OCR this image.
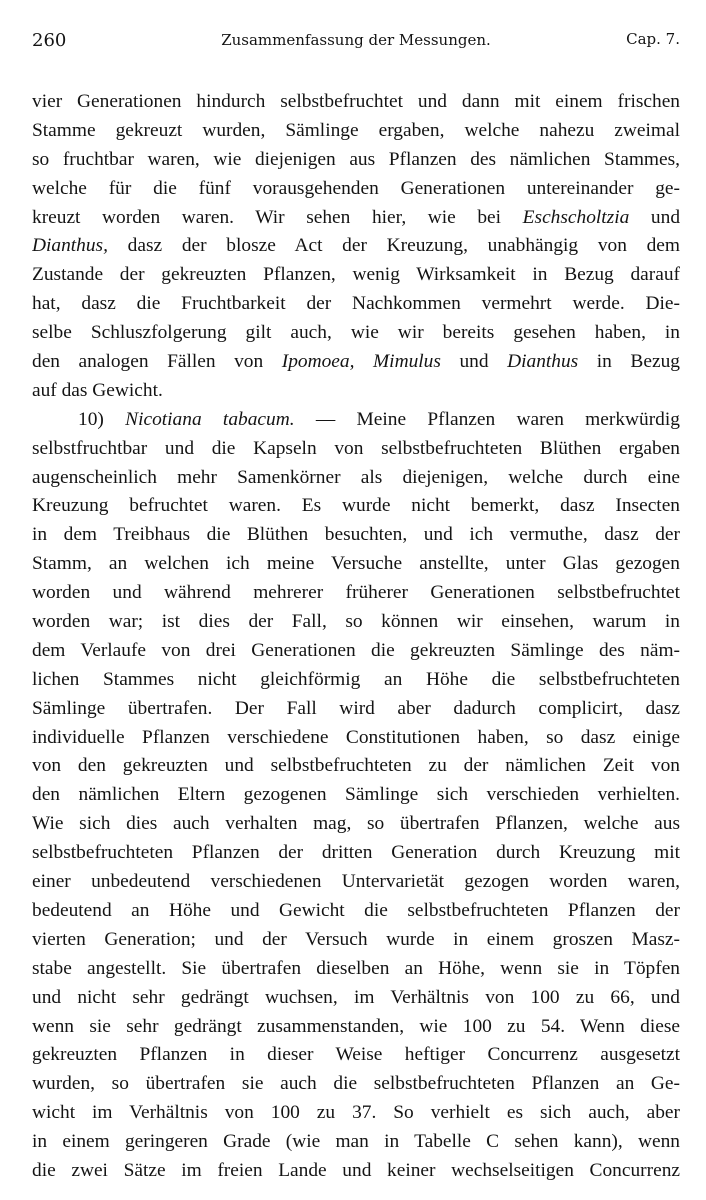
260	Zusammenfassung der Messungen.	Cap. 7.
vier Generationen hindurch selbstbefruchtet und dann mit einem frischen
Stamme gekreuzt wurden, Sämlinge ergaben, welche nahezu zweimal
so fruchtbar waren, wie diejenigen aus Pflanzen des nämlichen Stammes,
welche für die fünf vorausgehenden Generationen untereinander ge-
kreuzt worden waren. Wir sehen hier, wie bei Eschscholtzia und
Dianthus, dasz der blosze Act der Kreuzung, unabhängig von dem
Zustande der gekreuzten Pflanzen, wenig Wirksamkeit in Bezug darauf
hat, dasz die Fruchtbarkeit der Nachkommen vermehrt werde. Die-
selbe Schluszfolgerung gilt auch, wie wir bereits gesehen haben, in
den analogen Fällen von Ipomoea, Mimulus und Dianthus in Bezug
auf das Gewicht.
10) Nicotiana tabacum. — Meine Pflanzen waren merkwürdig
selbstfruchtbar und die Kapseln von selbstbefruchteten Blüthen ergaben
augenscheinlich mehr Samenkörner als diejenigen, welche durch eine
Kreuzung befruchtet waren. Es wurde nicht bemerkt, dasz Insecten
in dem Treibhaus die Blüthen besuchten, und ich vermuthe, dasz der
Stamm, an welchen ich meine Versuche anstellte, unter Glas gezogen
worden und während mehrerer früherer Generationen selbstbefruchtet
worden war; ist dies der Fall, so können wir einsehen, warum in
dem Verlaufe von drei Generationen die gekreuzten Sämlinge des näm-
lichen Stammes nicht gleichförmig an Höhe die selbstbefruchteten
Sämlinge übertrafen. Der Fall wird aber dadurch complicirt, dasz
individuelle Pflanzen verschiedene Constitutionen haben, so dasz einige
von den gekreuzten und selbstbefruchteten zu der nämlichen Zeit von
den nämlichen Eltern gezogenen Sämlinge sich verschieden verhielten.
Wie sich dies auch verhalten mag, so übertrafen Pflanzen, welche aus
selbstbefruchteten Pflanzen der dritten Generation durch Kreuzung mit
einer unbedeutend verschiedenen Untervarietät gezogen worden waren,
bedeutend an Höhe und Gewicht die selbstbefruchteten Pflanzen der
vierten Generation; und der Versuch wurde in einem groszen Masz-
stabe angestellt. Sie übertrafen dieselben an Höhe, wenn sie in Töpfen
und nicht sehr gedrängt wuchsen, im Verhältnis von 100 zu 66, und
wenn sie sehr gedrängt zusammenstanden, wie 100 zu 54. Wenn diese
gekreuzten Pflanzen in dieser Weise heftiger Concurrenz ausgesetzt
wurden, so übertrafen sie auch die selbstbefruchteten Pflanzen an Ge-
wicht im Verhältnis von 100 zu 37. So verhielt es sich auch, aber
in einem geringeren Grade (wie man in Tabelle C sehen kann), wenn
die zwei Sätze im freien Lande und keiner wechselseitigen Concurrenz
